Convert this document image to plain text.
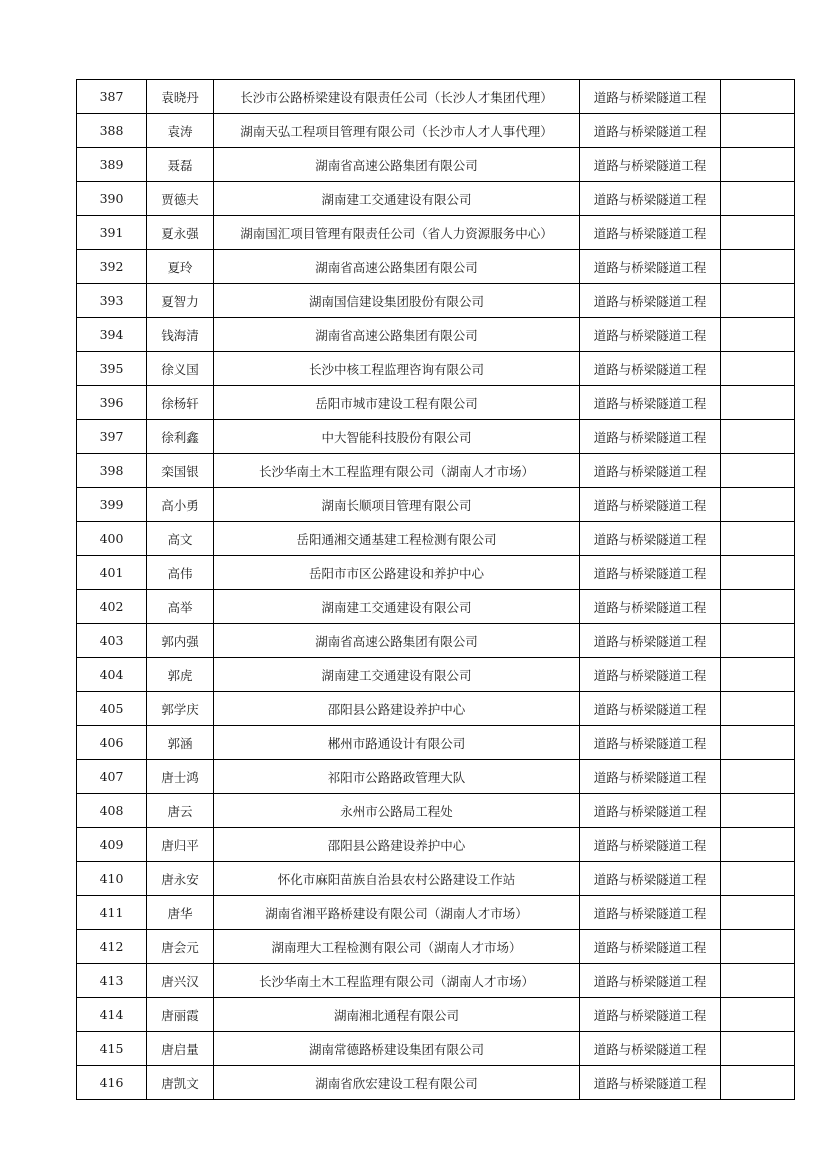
387	袁晓丹	长沙市公路桥梁建设有限责任公司（长沙人才集团代理）	道路与桥梁隧道工程	
388	袁涛	湖南天弘工程项目管理有限公司（长沙市人才人事代理）	道路与桥梁隧道工程	
389	聂磊	湖南省高速公路集团有限公司	道路与桥梁隧道工程	
390	贾德夫	湖南建工交通建设有限公司	道路与桥梁隧道工程	
391	夏永强	湖南国汇项目管理有限责任公司（省人力资源服务中心）	道路与桥梁隧道工程	
392	夏玲	湖南省高速公路集团有限公司	道路与桥梁隧道工程	
393	夏智力	湖南国信建设集团股份有限公司	道路与桥梁隧道工程	
394	钱海清	湖南省高速公路集团有限公司	道路与桥梁隧道工程	
395	徐义国	长沙中核工程监理咨询有限公司	道路与桥梁隧道工程	
396	徐杨轩	岳阳市城市建设工程有限公司	道路与桥梁隧道工程	
397	徐利鑫	中大智能科技股份有限公司	道路与桥梁隧道工程	
398	栾国银	长沙华南土木工程监理有限公司（湖南人才市场）	道路与桥梁隧道工程	
399	高小勇	湖南长顺项目管理有限公司	道路与桥梁隧道工程	
400	高文	岳阳通湘交通基建工程检测有限公司	道路与桥梁隧道工程	
401	高伟	岳阳市市区公路建设和养护中心	道路与桥梁隧道工程	
402	高举	湖南建工交通建设有限公司	道路与桥梁隧道工程	
403	郭内强	湖南省高速公路集团有限公司	道路与桥梁隧道工程	
404	郭虎	湖南建工交通建设有限公司	道路与桥梁隧道工程	
405	郭学庆	邵阳县公路建设养护中心	道路与桥梁隧道工程	
406	郭涵	郴州市路通设计有限公司	道路与桥梁隧道工程	
407	唐士鸿	祁阳市公路路政管理大队	道路与桥梁隧道工程	
408	唐云	永州市公路局工程处	道路与桥梁隧道工程	
409	唐归平	邵阳县公路建设养护中心	道路与桥梁隧道工程	
410	唐永安	怀化市麻阳苗族自治县农村公路建设工作站	道路与桥梁隧道工程	
411	唐华	湖南省湘平路桥建设有限公司（湖南人才市场）	道路与桥梁隧道工程	
412	唐会元	湖南理大工程检测有限公司（湖南人才市场）	道路与桥梁隧道工程	
413	唐兴汉	长沙华南土木工程监理有限公司（湖南人才市场）	道路与桥梁隧道工程	
414	唐丽霞	湖南湘北通程有限公司	道路与桥梁隧道工程	
415	唐启量	湖南常德路桥建设集团有限公司	道路与桥梁隧道工程	
416	唐凯文	湖南省欣宏建设工程有限公司	道路与桥梁隧道工程	
